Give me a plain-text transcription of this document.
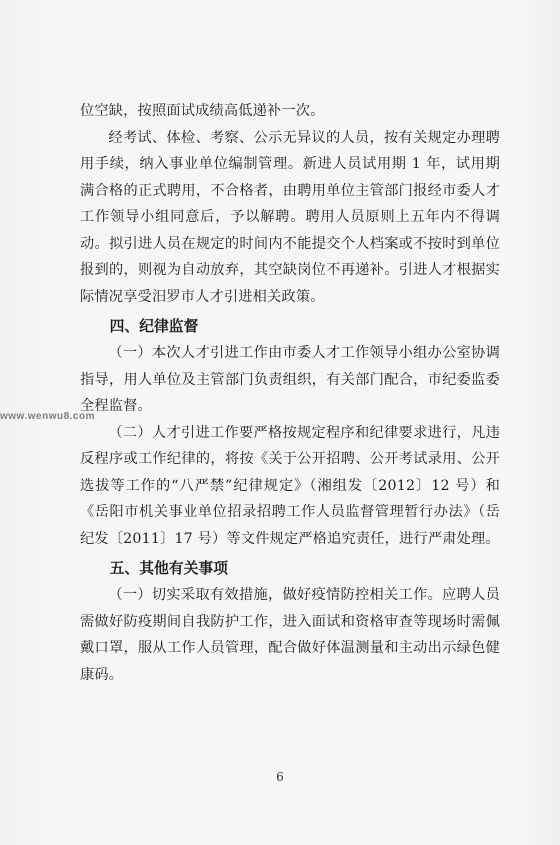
位空缺，按照面试成绩高低递补一次。

经考试、体检、考察、公示无异议的人员，按有关规定办理聘用手续，纳入事业单位编制管理。新进人员试用期 1 年，试用期满合格的正式聘用，不合格者，由聘用单位主管部门报经市委人才工作领导小组同意后，予以解聘。聘用人员原则上五年内不得调动。拟引进人员在规定的时间内不能提交个人档案或不按时到单位报到的，则视为自动放弃，其空缺岗位不再递补。引进人才根据实际情况享受汨罗市人才引进相关政策。

四、纪律监督

（一）本次人才引进工作由市委人才工作领导小组办公室协调指导，用人单位及主管部门负责组织，有关部门配合，市纪委监委全程监督。

（二）人才引进工作要严格按规定程序和纪律要求进行，凡违反程序或工作纪律的，将按《关于公开招聘、公开考试录用、公开选拔等工作的“八严禁”纪律规定》（湘组发〔2012〕12 号）和《岳阳市机关事业单位招录招聘工作人员监督管理暂行办法》（岳纪发〔2011〕17 号）等文件规定严格追究责任，进行严肃处理。

五、其他有关事项

（一）切实采取有效措施，做好疫情防控相关工作。应聘人员需做好防疫期间自我防护工作，进入面试和资格审查等现场时需佩戴口罩，服从工作人员管理，配合做好体温测量和主动出示绿色健康码。

www.wenwu8.com
6
